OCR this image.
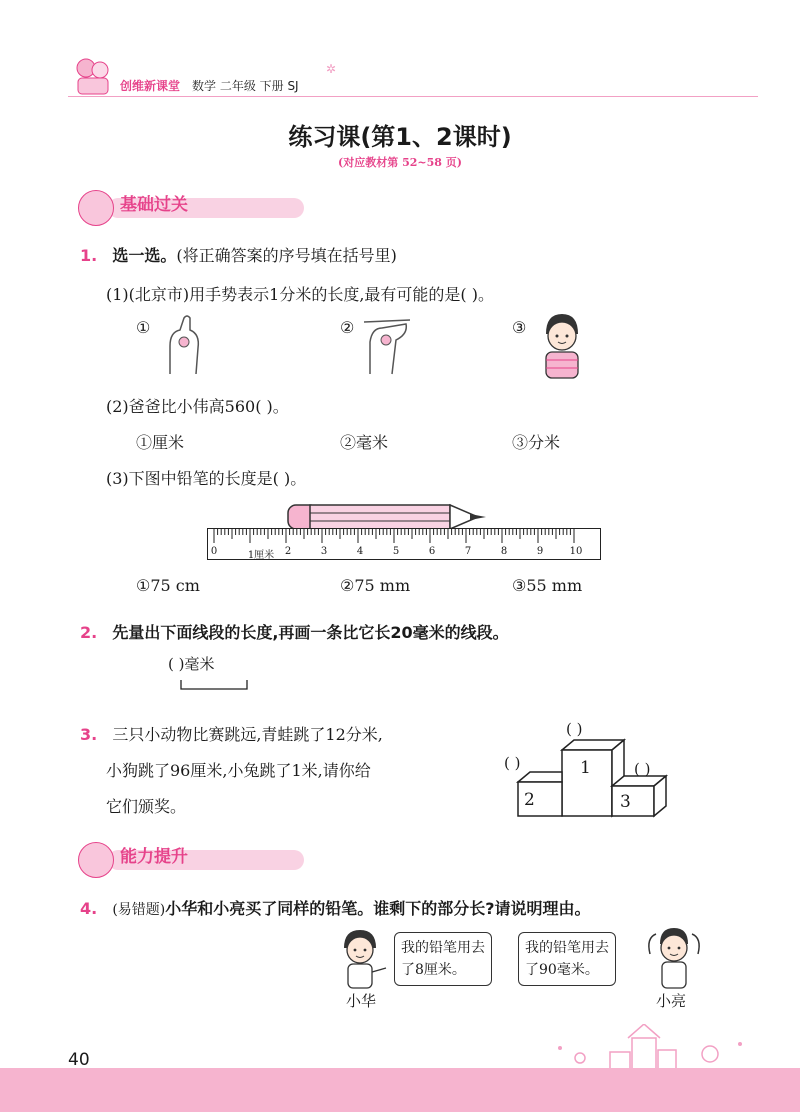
创维新课堂 数学 二年级 下册 SJ
✲
练习课(第1、2课时)
(对应教材第 52~58 页)
基础过关
1. 选一选。(将正确答案的序号填在括号里)
(1)(北京市)用手势表示1分米的长度,最有可能的是( )。
①	②	③
(2)爸爸比小伟高560( )。
①厘米	②毫米	③分米
(3)下图中铅笔的长度是( )。
0	1厘米 2	3	4	5	6	7	8	9	10
①75 cm	②75 mm	③55 mm
2. 先量出下面线段的长度,再画一条比它长20毫米的线段。
( )毫米
3. 三只小动物比赛跳远,青蛙跳了12分米,
小狗跳了96厘米,小兔跳了1米,请你给
它们颁奖。
( )
( )	( )
1
2	3
能力提升
4. (易错题)小华和小亮买了同样的铅笔。谁剩下的部分长?请说明理由。
我的铅笔用去
了8厘米。
我的铅笔用去
了90毫米。
小华	小亮
40
